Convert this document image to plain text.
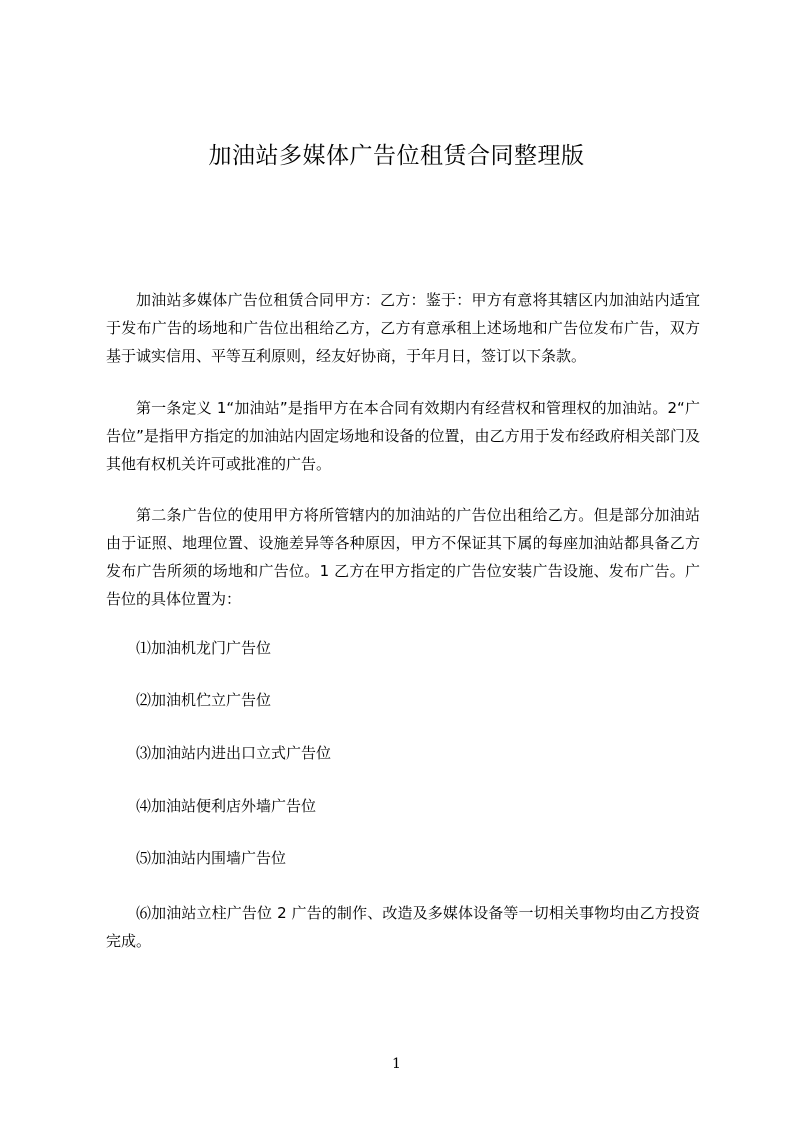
加油站多媒体广告位租赁合同整理版
加油站多媒体广告位租赁合同甲方：乙方：鉴于：甲方有意将其辖区内加油站内适宜于发布广告的场地和广告位出租给乙方，乙方有意承租上述场地和广告位发布广告，双方基于诚实信用、平等互利原则，经友好协商，于年月日，签订以下条款。
第一条定义 1“加油站”是指甲方在本合同有效期内有经营权和管理权的加油站。2“广告位”是指甲方指定的加油站内固定场地和设备的位置，由乙方用于发布经政府相关部门及其他有权机关许可或批准的广告。
第二条广告位的使用甲方将所管辖内的加油站的广告位出租给乙方。但是部分加油站由于证照、地理位置、设施差异等各种原因，甲方不保证其下属的每座加油站都具备乙方发布广告所须的场地和广告位。1 乙方在甲方指定的广告位安装广告设施、发布广告。广告位的具体位置为：
⑴加油机龙门广告位
⑵加油机伫立广告位
⑶加油站内进出口立式广告位
⑷加油站便利店外墙广告位
⑸加油站内围墙广告位
⑹加油站立柱广告位 2 广告的制作、改造及多媒体设备等一切相关事物均由乙方投资完成。
1
